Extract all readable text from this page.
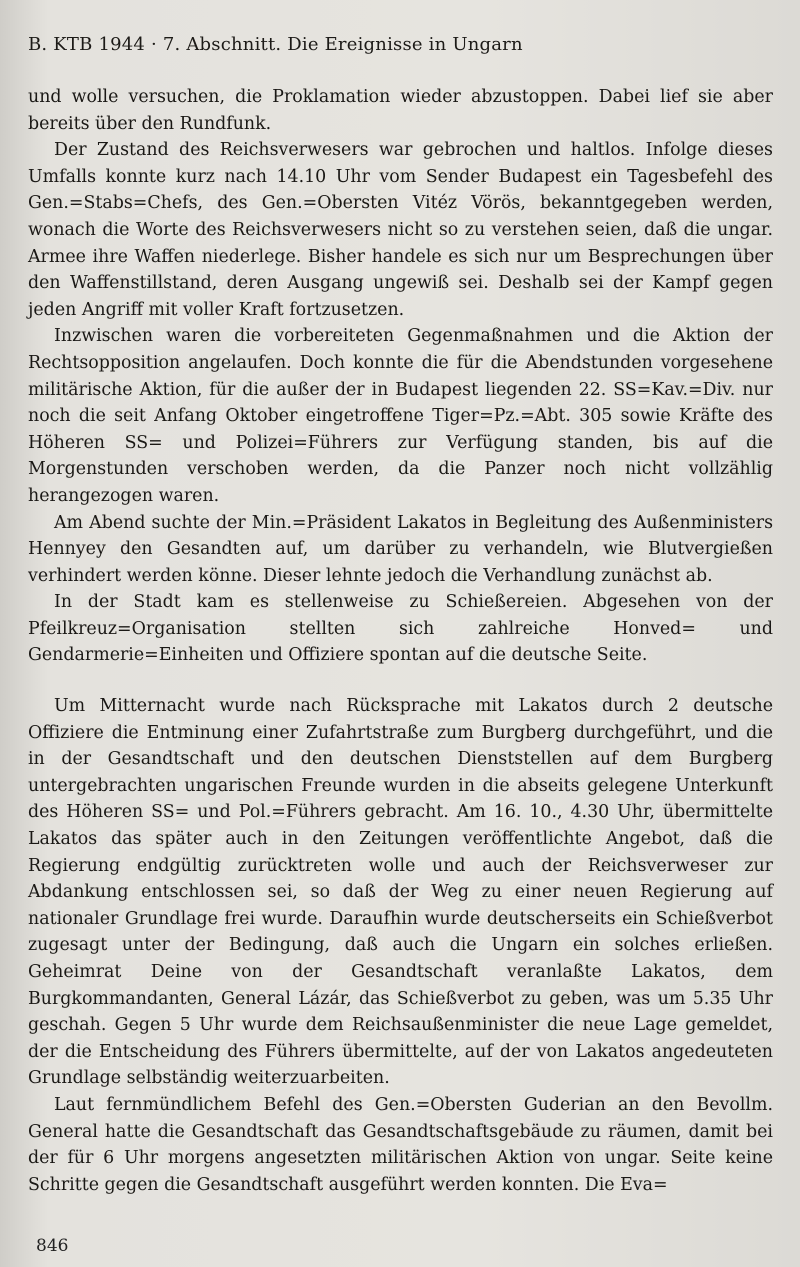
B. KTB 1944 · 7. Abschnitt. Die Ereignisse in Ungarn

und wolle versuchen, die Proklamation wieder abzustoppen. Dabei lief sie aber bereits über den Rundfunk.

Der Zustand des Reichsverwesers war gebrochen und haltlos. Infolge dieses Umfalls konnte kurz nach 14.10 Uhr vom Sender Budapest ein Tagesbefehl des Gen.=Stabs=Chefs, des Gen.=Obersten Vitéz Vörös, bekanntgegeben werden, wonach die Worte des Reichsverwesers nicht so zu verstehen seien, daß die ungar. Armee ihre Waffen niederlege. Bisher handele es sich nur um Besprechungen über den Waffenstillstand, deren Ausgang ungewiß sei. Deshalb sei der Kampf gegen jeden Angriff mit voller Kraft fortzusetzen.

Inzwischen waren die vorbereiteten Gegenmaßnahmen und die Aktion der Rechtsopposition angelaufen. Doch konnte die für die Abendstunden vorgesehene militärische Aktion, für die außer der in Budapest liegenden 22. SS=Kav.=Div. nur noch die seit Anfang Oktober eingetroffene Tiger=Pz.=Abt. 305 sowie Kräfte des Höheren SS= und Polizei=Führers zur Verfügung standen, bis auf die Morgenstunden verschoben werden, da die Panzer noch nicht vollzählig herangezogen waren.

Am Abend suchte der Min.=Präsident Lakatos in Begleitung des Außenministers Hennyey den Gesandten auf, um darüber zu verhandeln, wie Blutvergießen verhindert werden könne. Dieser lehnte jedoch die Verhandlung zunächst ab.

In der Stadt kam es stellenweise zu Schießereien. Abgesehen von der Pfeilkreuz=Organisation stellten sich zahlreiche Honved= und Gendarmerie=Einheiten und Offiziere spontan auf die deutsche Seite.

Um Mitternacht wurde nach Rücksprache mit Lakatos durch 2 deutsche Offiziere die Entminung einer Zufahrtstraße zum Burgberg durchgeführt, und die in der Gesandtschaft und den deutschen Dienststellen auf dem Burgberg untergebrachten ungarischen Freunde wurden in die abseits gelegene Unterkunft des Höheren SS= und Pol.=Führers gebracht. Am 16. 10., 4.30 Uhr, übermittelte Lakatos das später auch in den Zeitungen veröffentlichte Angebot, daß die Regierung endgültig zurücktreten wolle und auch der Reichsverweser zur Abdankung entschlossen sei, so daß der Weg zu einer neuen Regierung auf nationaler Grundlage frei wurde. Daraufhin wurde deutscherseits ein Schießverbot zugesagt unter der Bedingung, daß auch die Ungarn ein solches erließen. Geheimrat Deine von der Gesandtschaft veranlaßte Lakatos, dem Burgkommandanten, General Lázár, das Schießverbot zu geben, was um 5.35 Uhr geschah. Gegen 5 Uhr wurde dem Reichsaußenminister die neue Lage gemeldet, der die Entscheidung des Führers übermittelte, auf der von Lakatos angedeuteten Grundlage selbständig weiterzuarbeiten.

Laut fernmündlichem Befehl des Gen.=Obersten Guderian an den Bevollm. General hatte die Gesandtschaft das Gesandtschaftsgebäude zu räumen, damit bei der für 6 Uhr morgens angesetzten militärischen Aktion von ungar. Seite keine Schritte gegen die Gesandtschaft ausgeführt werden konnten. Die Eva=

846
